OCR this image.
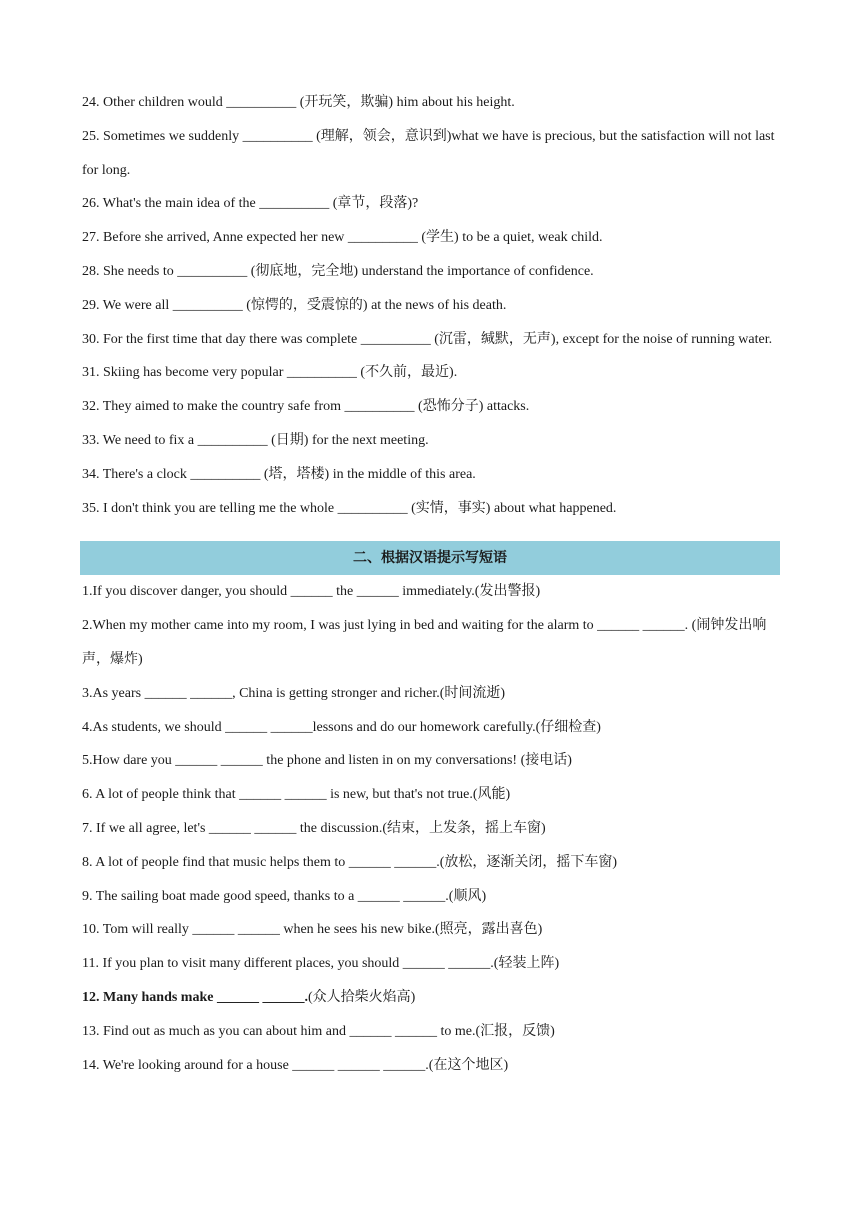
24. Other children would __________ (开玩笑，欺骗) him about his height.

25. Sometimes we suddenly __________ (理解，领会，意识到)what we have is precious, but the satisfaction will not last for long.

26. What's the main idea of the __________ (章节，段落)?

27. Before she arrived, Anne expected her new __________ (学生) to be a quiet, weak child.

28. She needs to __________ (彻底地，完全地) understand the importance of confidence.

29. We were all __________ (惊愕的，受震惊的) at the news of his death.

30. For the first time that day there was complete __________ (沉雷，缄默，无声), except for the noise of running water.

31. Skiing has become very popular __________ (不久前，最近).

32. They aimed to make the country safe from __________ (恐怖分子) attacks.

33. We need to fix a __________ (日期) for the next meeting.

34. There's a clock __________ (塔，塔楼) in the middle of this area.

35. I don't think you are telling me the whole __________ (实情，事实) about what happened.

二、根据汉语提示写短语

1.If you discover danger, you should ______ the ______ immediately.(发出警报)

2.When my mother came into my room, I was just lying in bed and waiting for the alarm to ______ ______. (闹钟发出响声，爆炸)

3.As years ______ ______, China is getting stronger and richer.(时间流逝)

4.As students, we should ______ ______lessons and do our homework carefully.(仔细检查)

5.How dare you ______ ______ the phone and listen in on my conversations! (接电话)

6. A lot of people think that ______ ______ is new, but that's not true.(风能)

7. If we all agree, let's ______ ______ the discussion.(结束，上发条，摇上车窗)

8. A lot of people find that music helps them to ______ ______.(放松，逐渐关闭，摇下车窗)

9. The sailing boat made good speed, thanks to a ______ ______.(顺风)

10. Tom will really ______ ______ when he sees his new bike.(照亮，露出喜色)

11. If you plan to visit many different places, you should ______ ______.(轻装上阵)

12. Many hands make ______ ______.(众人拾柴火焰高)

13. Find out as much as you can about him and ______ ______ to me.(汇报，反馈)

14. We're looking around for a house ______ ______ ______.(在这个地区)
